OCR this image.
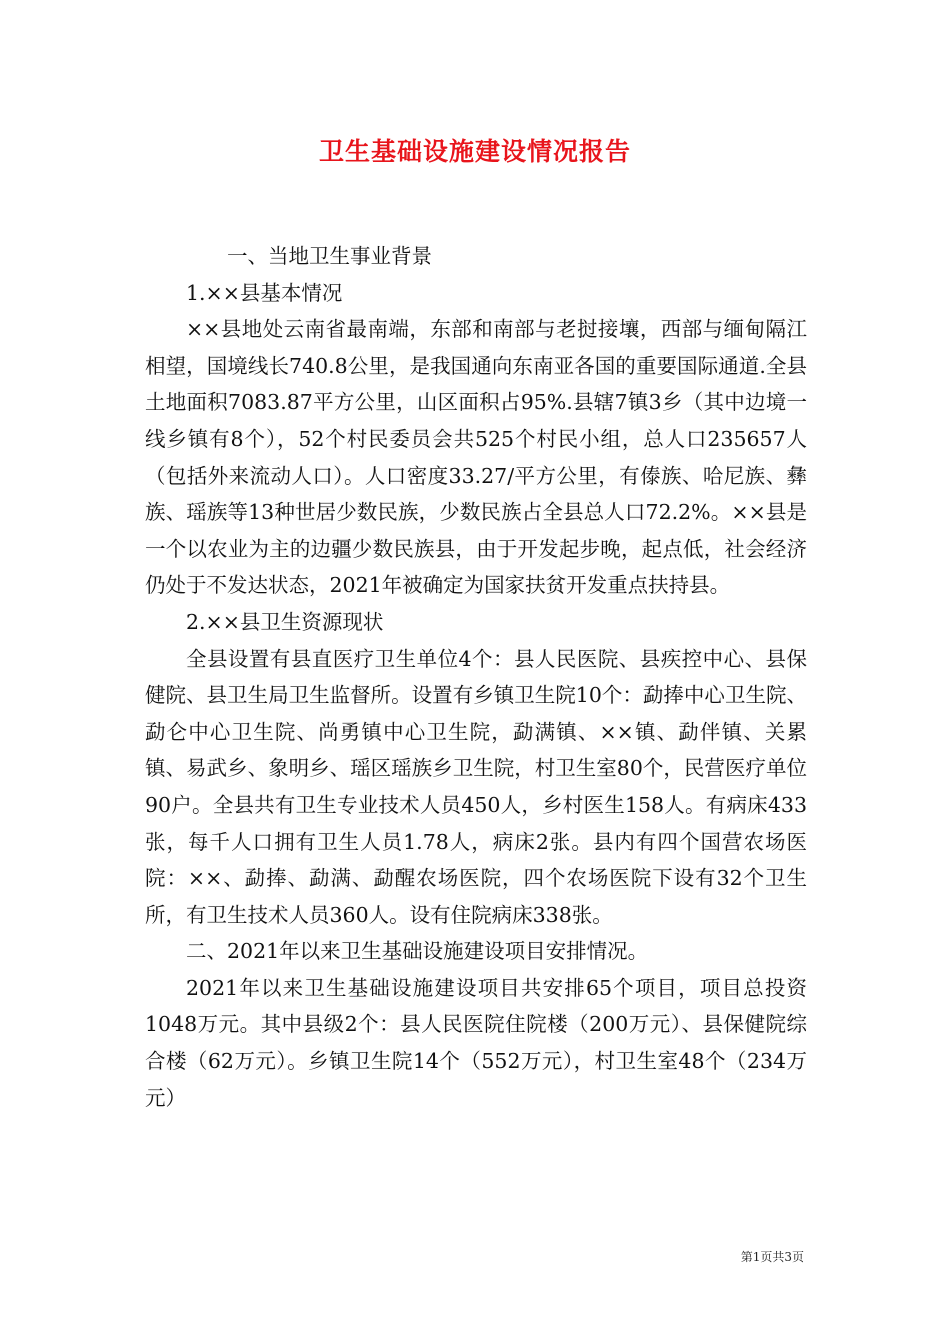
卫生基础设施建设情况报告

一、当地卫生事业背景

1.××县基本情况

××县地处云南省最南端，东部和南部与老挝接壤，西部与缅甸隔江相望，国境线长740.8公里，是我国通向东南亚各国的重要国际通道.全县土地面积7083.87平方公里，山区面积占95%.县辖7镇3乡（其中边境一线乡镇有8个），52个村民委员会共525个村民小组，总人口235657人（包括外来流动人口）。人口密度33.27/平方公里，有傣族、哈尼族、彝族、瑶族等13种世居少数民族，少数民族占全县总人口72.2%。××县是一个以农业为主的边疆少数民族县，由于开发起步晚，起点低，社会经济仍处于不发达状态，2021年被确定为国家扶贫开发重点扶持县。

2.××县卫生资源现状

全县设置有县直医疗卫生单位4个：县人民医院、县疾控中心、县保健院、县卫生局卫生监督所。设置有乡镇卫生院10个：勐捧中心卫生院、勐仑中心卫生院、尚勇镇中心卫生院，勐满镇、××镇、勐伴镇、关累镇、易武乡、象明乡、瑶区瑶族乡卫生院，村卫生室80个，民营医疗单位90户。全县共有卫生专业技术人员450人，乡村医生158人。有病床433张，每千人口拥有卫生人员1.78人，病床2张。县内有四个国营农场医院：××、勐捧、勐满、勐醒农场医院，四个农场医院下设有32个卫生所，有卫生技术人员360人。设有住院病床338张。

二、2021年以来卫生基础设施建设项目安排情况。

2021年以来卫生基础设施建设项目共安排65个项目，项目总投资1048万元。其中县级2个：县人民医院住院楼（200万元）、县保健院综合楼（62万元）。乡镇卫生院14个（552万元），村卫生室48个（234万元）

第1页共3页
